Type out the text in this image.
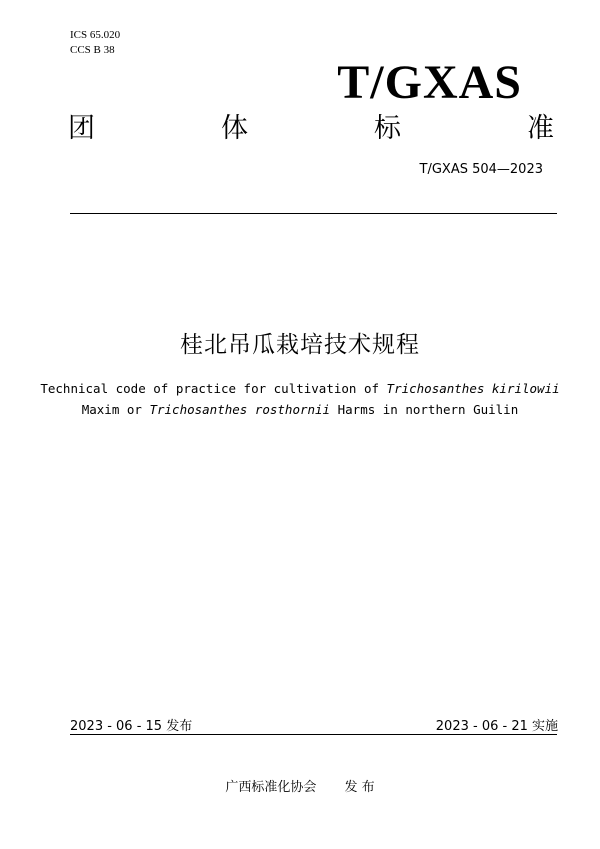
ICS 65.020
CCS B 38
T/GXAS
团	体	标	准
T/GXAS 504—2023
桂北吊瓜栽培技术规程
Technical code of practice for cultivation of Trichosanthes kirilowii
Maxim or Trichosanthes rosthornii Harms in northern Guilin
2023 - 06 - 15 发布	2023 - 06 - 21 实施
广西标准化协会 发 布
